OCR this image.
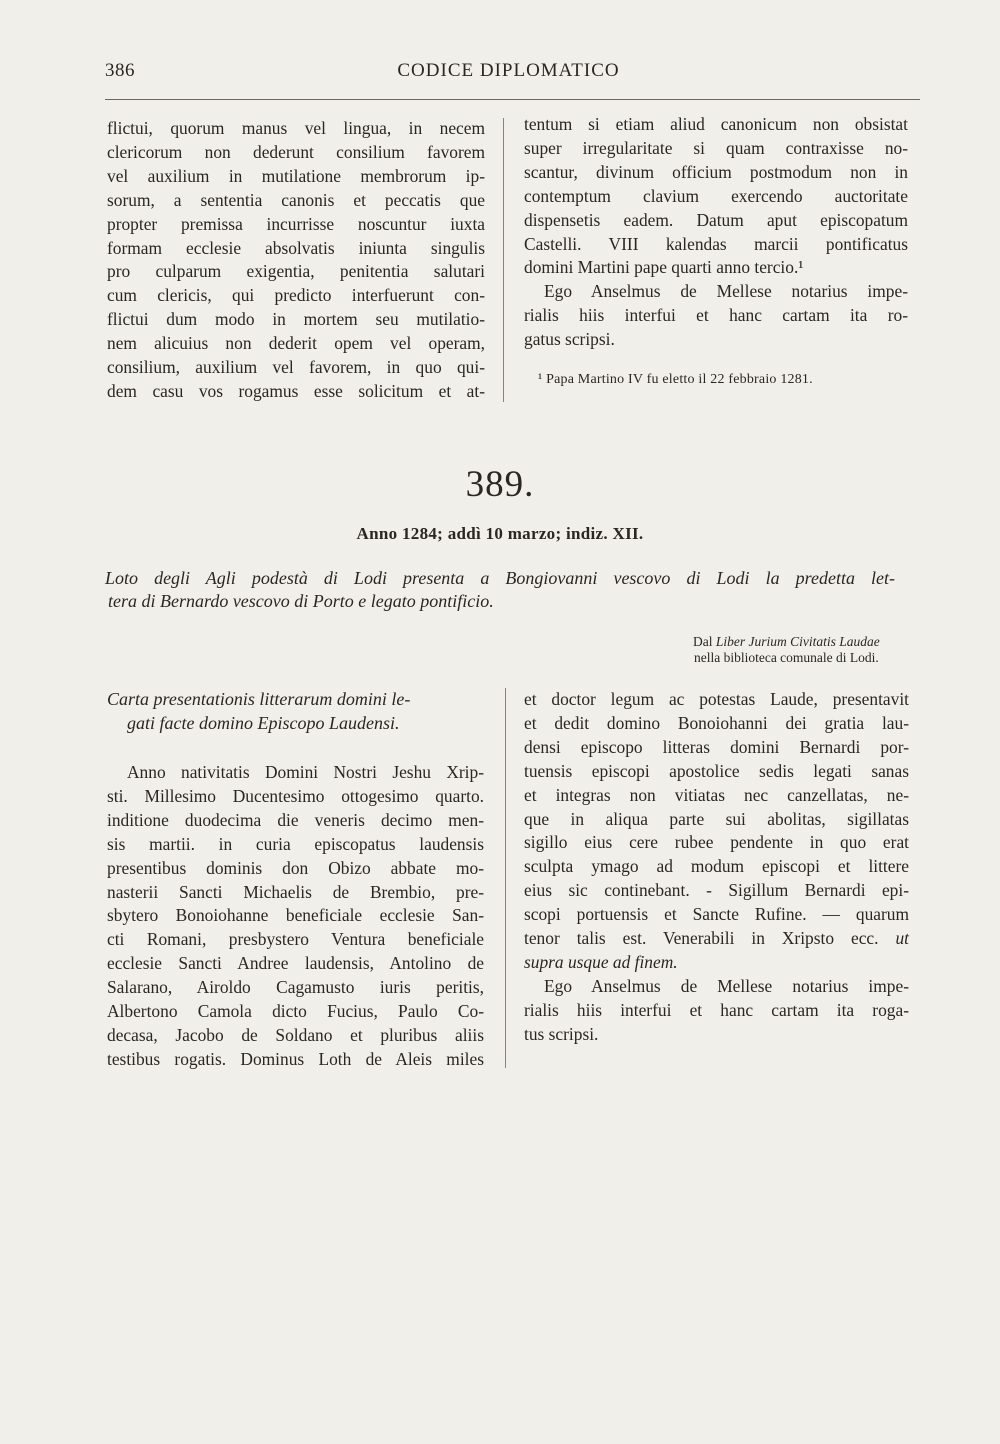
386	CODICE DIPLOMATICO
flictui, quorum manus vel lingua, in necem
clericorum non dederunt consilium favorem
vel auxilium in mutilatione membrorum ip-
sorum, a sententia canonis et peccatis que
propter premissa incurrisse noscuntur iuxta
formam ecclesie absolvatis iniunta singulis
pro culparum exigentia, penitentia salutari
cum clericis, qui predicto interfuerunt con-
flictui dum modo in mortem seu mutilatio-
nem alicuius non dederit opem vel operam,
consilium, auxilium vel favorem, in quo qui-
dem casu vos rogamus esse solicitum et at-
tentum si etiam aliud canonicum non obsistat
super irregularitate si quam contraxisse no-
scantur, divinum officium postmodum non in
contemptum clavium exercendo auctoritate
dispensetis eadem. Datum aput episcopatum
Castelli. VIII kalendas marcii pontificatus
domini Martini pape quarti anno tercio.¹
Ego Anselmus de Mellese notarius impe-
rialis hiis interfui et hanc cartam ita ro-
gatus scripsi.
¹ Papa Martino IV fu eletto il 22 febbraio 1281.
389.
Anno 1284; addì 10 marzo; indiz. XII.
Loto degli Agli podestà di Lodi presenta a Bongiovanni vescovo di Lodi la predetta let-
tera di Bernardo vescovo di Porto e legato pontificio.
Dal Liber Jurium Civitatis Laudae
nella biblioteca comunale di Lodi.
Carta presentationis litterarum domini le-
gati facte domino Episcopo Laudensi.
Anno nativitatis Domini Nostri Jeshu Xrip-
sti. Millesimo Ducentesimo ottogesimo quarto.
inditione duodecima die veneris decimo men-
sis martii. in curia episcopatus laudensis
presentibus dominis don Obizo abbate mo-
nasterii Sancti Michaelis de Brembio, pre-
sbytero Bonoiohanne beneficiale ecclesie San-
cti Romani, presbystero Ventura beneficiale
ecclesie Sancti Andree laudensis, Antolino de
Salarano, Airoldo Cagamusto iuris peritis,
Albertono Camola dicto Fucius, Paulo Co-
decasa, Jacobo de Soldano et pluribus aliis
testibus rogatis. Dominus Loth de Aleis miles
et doctor legum ac potestas Laude, presentavit
et dedit domino Bonoiohanni dei gratia lau-
densi episcopo litteras domini Bernardi por-
tuensis episcopi apostolice sedis legati sanas
et integras non vitiatas nec canzellatas, ne-
que in aliqua parte sui abolitas, sigillatas
sigillo eius cere rubee pendente in quo erat
sculpta ymago ad modum episcopi et littere
eius sic continebant. - Sigillum Bernardi epi-
scopi portuensis et Sancte Rufine. — quarum
tenor talis est. Venerabili in Xripsto ecc. ut
supra usque ad finem.
Ego Anselmus de Mellese notarius impe-
rialis hiis interfui et hanc cartam ita roga-
tus scripsi.
